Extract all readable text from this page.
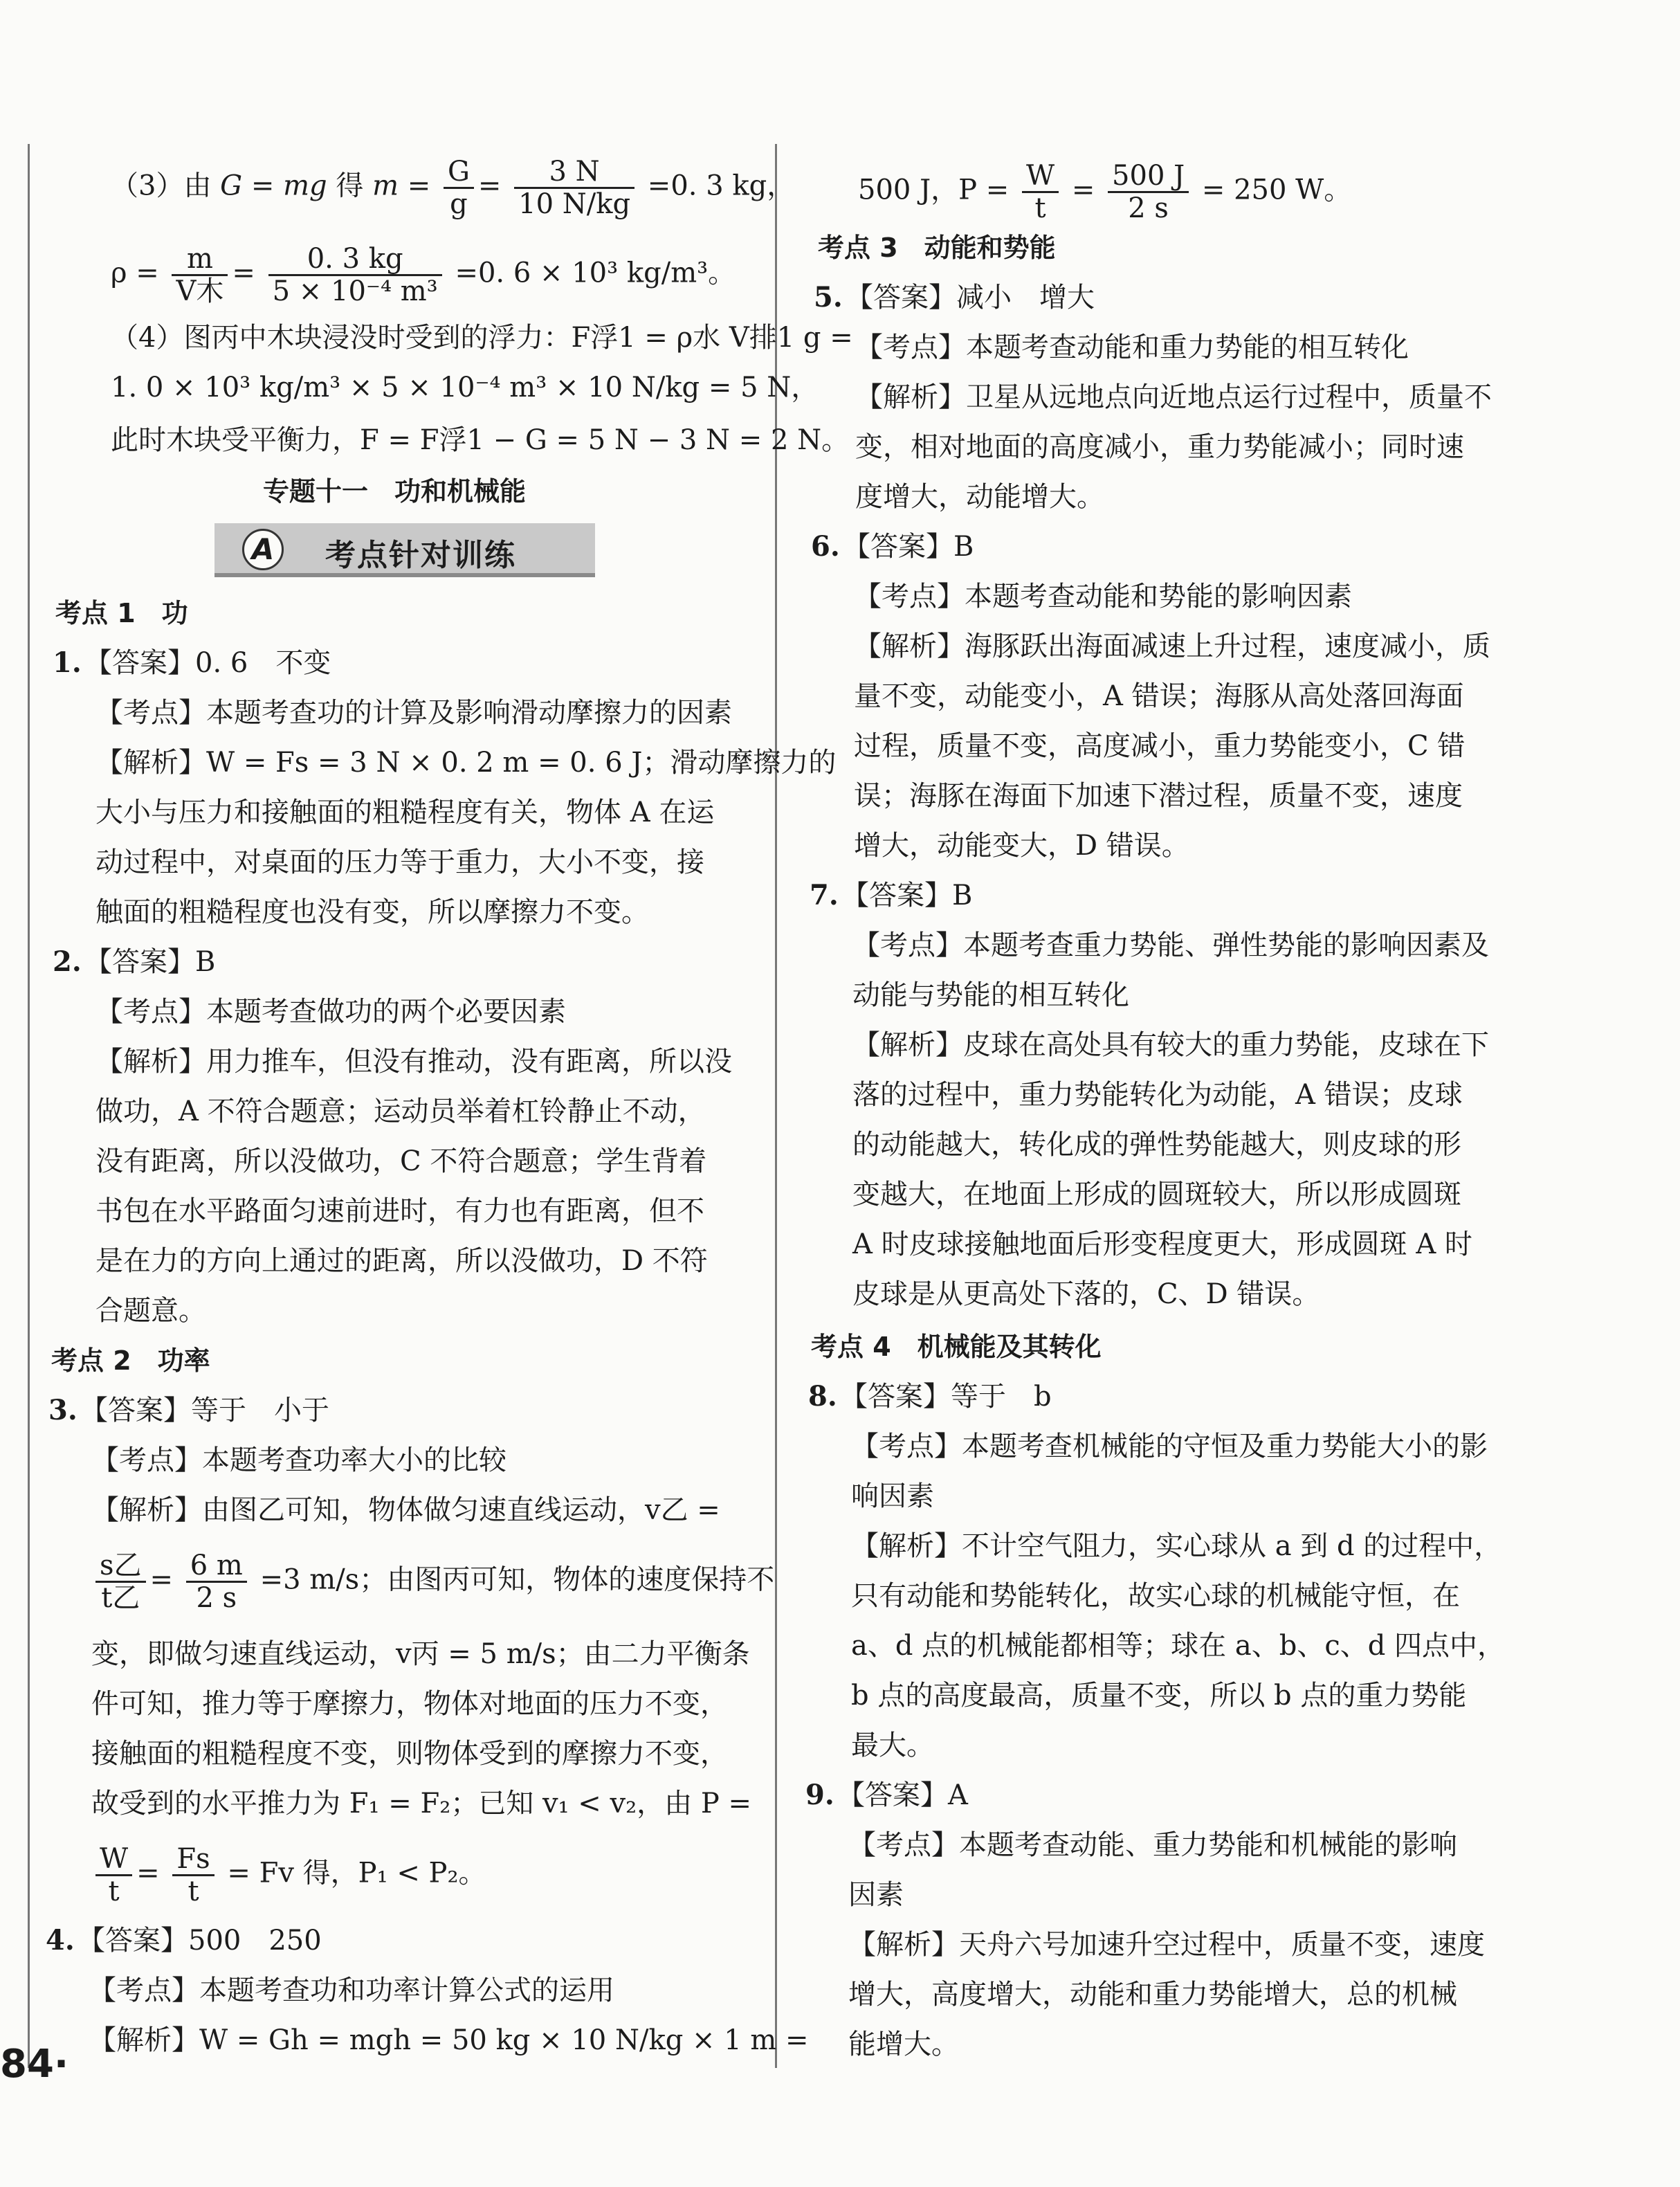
（3）由 G = mg 得 $m = \frac{G}{g} = \frac{3 N}{10 N/kg} =0$. 3 kg，
$\rho = \frac{m}{\text{V木}} = \frac{0. 3 kg}{\text{5 × 10⁻⁴ m³}} =0$. 6 × 10³ kg/m³。
（4）图丙中木块浸没时受到的浮力：F浮1 = ρ水 V排1 g =
1. 0 × 10³ kg/m³ × 5 × 10⁻⁴ m³ × 10 N/kg = 5 N，
此时木块受平衡力，F = F浮1 − G = 5 N − 3 N = 2 N。
专题十一　功和机械能
A	考点针对训练
考点 1　功
1. 【答案】0. 6　不变
【考点】本题考查功的计算及影响滑动摩擦力的因素
【解析】W = Fs = 3 N × 0. 2 m = 0. 6 J；滑动摩擦力的
大小与压力和接触面的粗糙程度有关，物体 A 在运
动过程中，对桌面的压力等于重力，大小不变，接
触面的粗糙程度也没有变，所以摩擦力不变。
2. 【答案】B
【考点】本题考查做功的两个必要因素
【解析】用力推车，但没有推动，没有距离，所以没
做功，A 不符合题意；运动员举着杠铃静止不动，
没有距离，所以没做功，C 不符合题意；学生背着
书包在水平路面匀速前进时，有力也有距离，但不
是在力的方向上通过的距离，所以没做功，D 不符
合题意。
考点 2　功率
3. 【答案】等于　小于
【考点】本题考查功率大小的比较
【解析】由图乙可知，物体做匀速直线运动，v乙 =
$\frac{\text{s乙}}{\text{t乙}} = \frac{6 m}{2 s} =3$ m/s；由图丙可知，物体的速度保持不
变，即做匀速直线运动，v丙 = 5 m/s；由二力平衡条
件可知，推力等于摩擦力，物体对地面的压力不变，
接触面的粗糙程度不变，则物体受到的摩擦力不变，
故受到的水平推力为 F₁ = F₂；已知 v₁ < v₂，由 P =
$\frac{W}{t} = \frac{Fs}{t} = Fv$ 得，P₁ < P₂。
4. 【答案】500　250
【考点】本题考查功和功率计算公式的运用
【解析】W = Gh = mgh = 50 kg × 10 N/kg × 1 m =
500 J，$P = \frac{W}{t} = \frac{500 J}{2 s} = 250$ W。
考点 3　动能和势能
5. 【答案】减小　增大
【考点】本题考查动能和重力势能的相互转化
【解析】卫星从远地点向近地点运行过程中，质量不
变，相对地面的高度减小，重力势能减小；同时速
度增大，动能增大。
6. 【答案】B
【考点】本题考查动能和势能的影响因素
【解析】海豚跃出海面减速上升过程，速度减小，质
量不变，动能变小，A 错误；海豚从高处落回海面
过程，质量不变，高度减小，重力势能变小，C 错
误；海豚在海面下加速下潜过程，质量不变，速度
增大，动能变大，D 错误。
7. 【答案】B
【考点】本题考查重力势能、弹性势能的影响因素及
动能与势能的相互转化
【解析】皮球在高处具有较大的重力势能，皮球在下
落的过程中，重力势能转化为动能，A 错误；皮球
的动能越大，转化成的弹性势能越大，则皮球的形
变越大，在地面上形成的圆斑较大，所以形成圆斑
A 时皮球接触地面后形变程度更大，形成圆斑 A 时
皮球是从更高处下落的，C、D 错误。
考点 4　机械能及其转化
8. 【答案】等于　b
【考点】本题考查机械能的守恒及重力势能大小的影
响因素
【解析】不计空气阻力，实心球从 a 到 d 的过程中，
只有动能和势能转化，故实心球的机械能守恒，在
a、d 点的机械能都相等；球在 a、b、c、d 四点中，
b 点的高度最高，质量不变，所以 b 点的重力势能
最大。
9. 【答案】A
【考点】本题考查动能、重力势能和机械能的影响
因素
【解析】天舟六号加速升空过程中，质量不变，速度
增大，高度增大，动能和重力势能增大，总的机械
能增大。
84·
